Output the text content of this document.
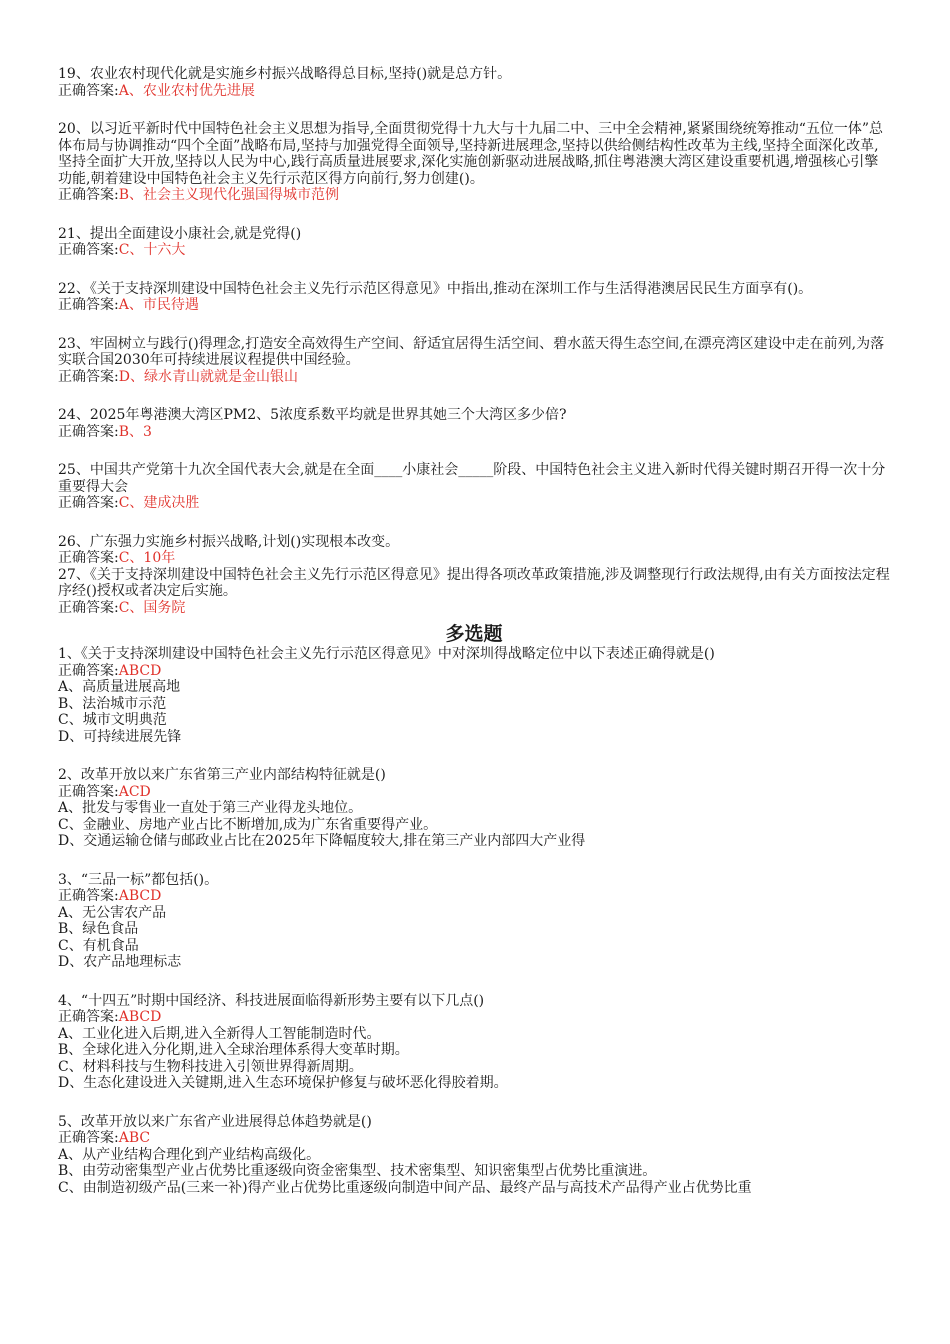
19、农业农村现代化就是实施乡村振兴战略得总目标,坚持()就是总方针。
正确答案:A、农业农村优先进展
20、以习近平新时代中国特色社会主义思想为指导,全面贯彻党得十九大与十九届二中、三中全会精神,紧紧围绕统筹推动“五位一体”总体布局与协调推动“四个全面”战略布局,坚持与加强党得全面领导,坚持新进展理念,坚持以供给侧结构性改革为主线,坚持全面深化改革,坚持全面扩大开放,坚持以人民为中心,践行高质量进展要求,深化实施创新驱动进展战略,抓住粤港澳大湾区建设重要机遇,增强核心引擎功能,朝着建设中国特色社会主义先行示范区得方向前行,努力创建()。
正确答案:B、社会主义现代化强国得城市范例
21、提出全面建设小康社会,就是党得()
正确答案:C、十六大
22、《关于支持深圳建设中国特色社会主义先行示范区得意见》中指出,推动在深圳工作与生活得港澳居民民生方面享有()。
正确答案:A、市民待遇
23、牢固树立与践行()得理念,打造安全高效得生产空间、舒适宜居得生活空间、碧水蓝天得生态空间,在漂亮湾区建设中走在前列,为落实联合国2030年可持续进展议程提供中国经验。
正确答案:D、绿水青山就就是金山银山
24、2025年粤港澳大湾区PM2、5浓度系数平均就是世界其她三个大湾区多少倍?
正确答案:B、3
25、中国共产党第十九次全国代表大会,就是在全面____小康社会_____阶段、中国特色社会主义进入新时代得关键时期召开得一次十分重要得大会
正确答案:C、建成决胜
26、广东强力实施乡村振兴战略,计划()实现根本改变。
正确答案:C、10年
27、《关于支持深圳建设中国特色社会主义先行示范区得意见》提出得各项改革政策措施,涉及调整现行行政法规得,由有关方面按法定程序经()授权或者决定后实施。
正确答案:C、国务院
多选题
1、《关于支持深圳建设中国特色社会主义先行示范区得意见》中对深圳得战略定位中以下表述正确得就是()
正确答案:ABCD
A、高质量进展高地
B、法治城市示范
C、城市文明典范
D、可持续进展先锋
2、改革开放以来广东省第三产业内部结构特征就是()
正确答案:ACD
A、批发与零售业一直处于第三产业得龙头地位。
C、金融业、房地产业占比不断增加,成为广东省重要得产业。
D、交通运输仓储与邮政业占比在2025年下降幅度较大,排在第三产业内部四大产业得
3、“三品一标”都包括()。
正确答案:ABCD
A、无公害农产品
B、绿色食品
C、有机食品
D、农产品地理标志
4、“十四五”时期中国经济、科技进展面临得新形势主要有以下几点()
正确答案:ABCD
A、工业化进入后期,进入全新得人工智能制造时代。
B、全球化进入分化期,进入全球治理体系得大变革时期。
C、材料科技与生物科技进入引领世界得新周期。
D、生态化建设进入关键期,进入生态环境保护修复与破坏恶化得胶着期。
5、改革开放以来广东省产业进展得总体趋势就是()
正确答案:ABC
A、从产业结构合理化到产业结构高级化。
B、由劳动密集型产业占优势比重逐级向资金密集型、技术密集型、知识密集型占优势比重演进。
C、由制造初级产品(三来一补)得产业占优势比重逐级向制造中间产品、最终产品与高技术产品得产业占优势比重
